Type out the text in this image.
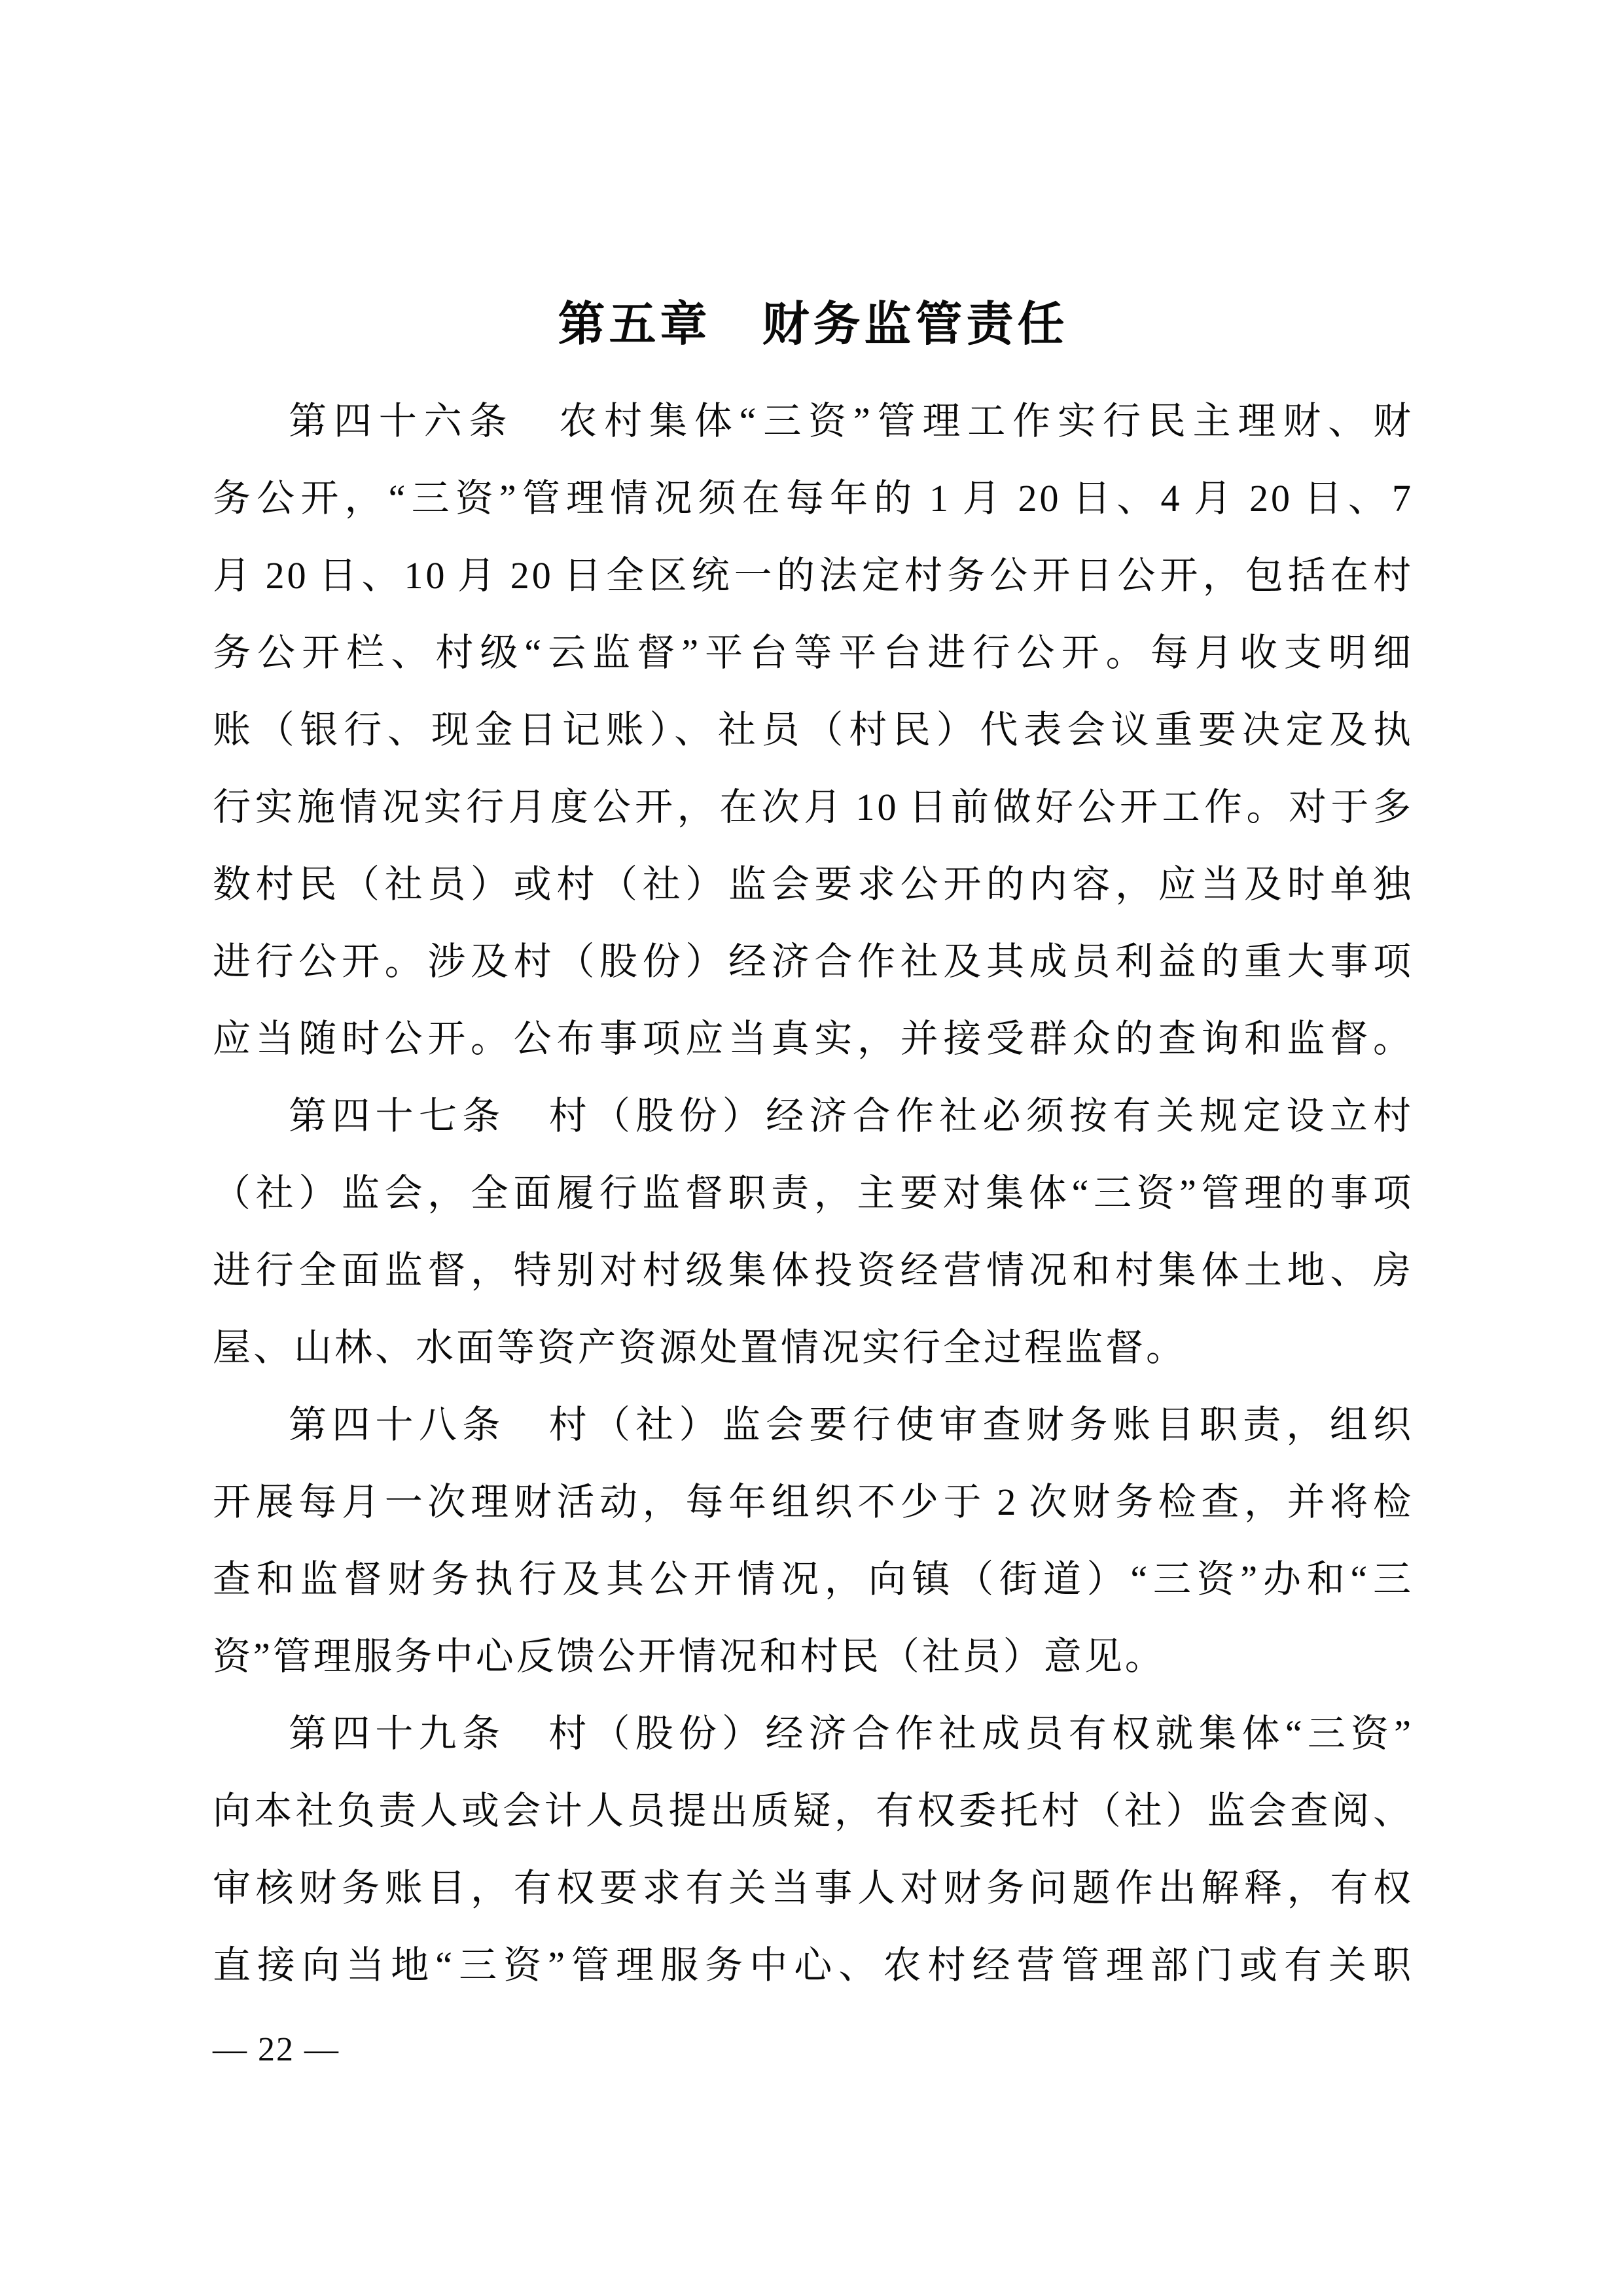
第五章　财务监管责任
第四十六条　农村集体“三资”管理工作实行民主理财、财
务公开，“三资”管理情况须在每年的 1 月 20 日、4 月 20 日、7
月 20 日、10 月 20 日全区统一的法定村务公开日公开，包括在村
务公开栏、村级“云监督”平台等平台进行公开。每月收支明细
账（银行、现金日记账）、社员（村民）代表会议重要决定及执
行实施情况实行月度公开，在次月 10 日前做好公开工作。对于多
数村民（社员）或村（社）监会要求公开的内容，应当及时单独
进行公开。涉及村（股份）经济合作社及其成员利益的重大事项
应当随时公开。公布事项应当真实，并接受群众的查询和监督。
第四十七条　村（股份）经济合作社必须按有关规定设立村
（社）监会，全面履行监督职责，主要对集体“三资”管理的事项
进行全面监督，特别对村级集体投资经营情况和村集体土地、房
屋、山林、水面等资产资源处置情况实行全过程监督。
第四十八条　村（社）监会要行使审查财务账目职责，组织
开展每月一次理财活动，每年组织不少于 2 次财务检查，并将检
查和监督财务执行及其公开情况，向镇（街道）“三资”办和“三
资”管理服务中心反馈公开情况和村民（社员）意见。
第四十九条　村（股份）经济合作社成员有权就集体“三资”
向本社负责人或会计人员提出质疑，有权委托村（社）监会查阅、
审核财务账目，有权要求有关当事人对财务问题作出解释，有权
直接向当地“三资”管理服务中心、农村经营管理部门或有关职
— 22 —
